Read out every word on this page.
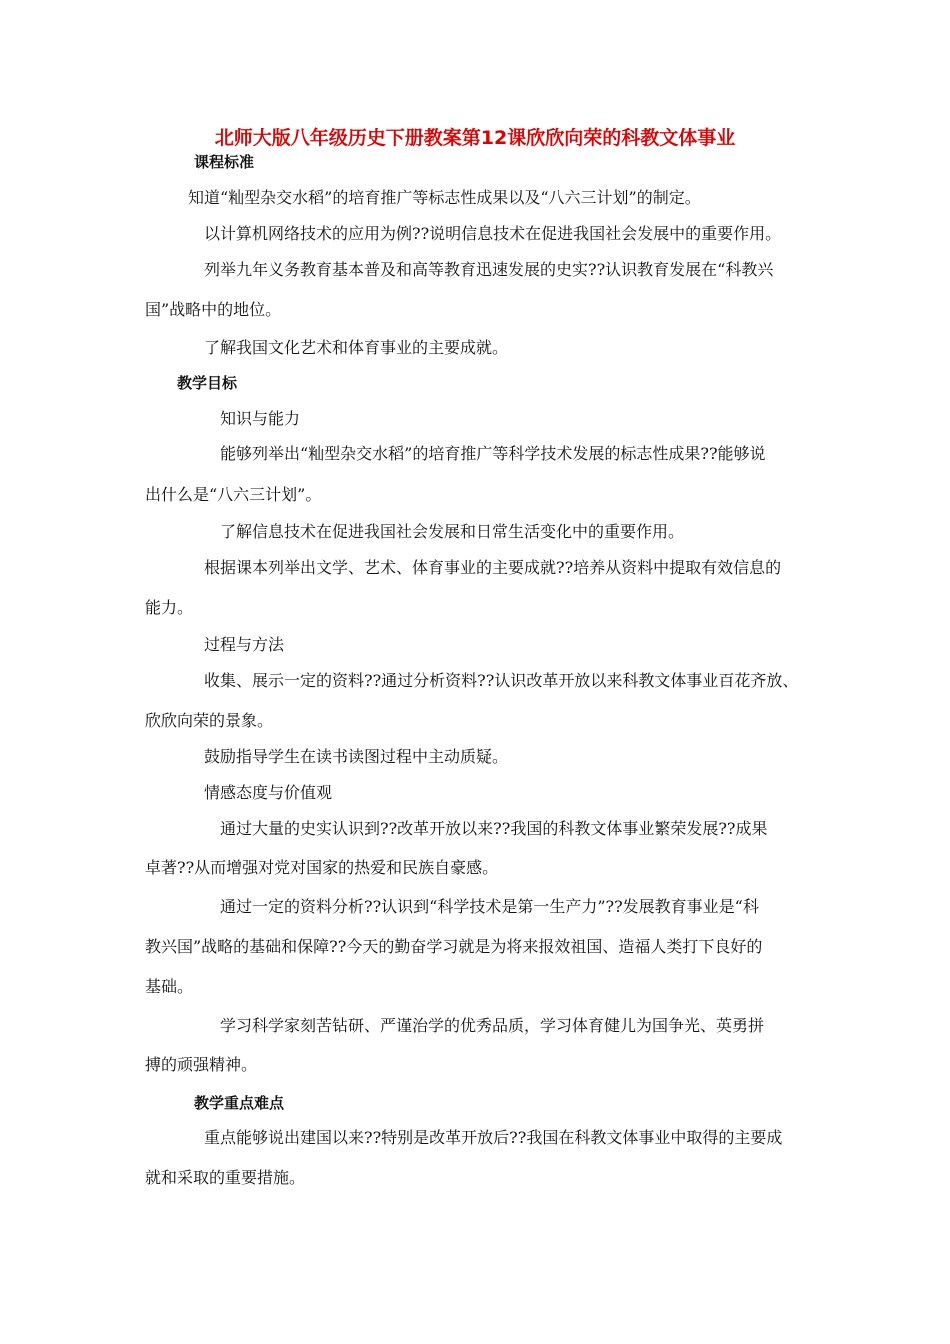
北师大版八年级历史下册教案第12课欣欣向荣的科教文体事业
课程标准
知道“籼型杂交水稻”的培育推广等标志性成果以及“八六三计划”的制定。
以计算机网络技术的应用为例??说明信息技术在促进我国社会发展中的重要作用。
列举九年义务教育基本普及和高等教育迅速发展的史实??认识教育发展在“科教兴
国”战略中的地位。
了解我国文化艺术和体育事业的主要成就。
教学目标
知识与能力
能够列举出“籼型杂交水稻”的培育推广等科学技术发展的标志性成果??能够说
出什么是“八六三计划”。
了解信息技术在促进我国社会发展和日常生活变化中的重要作用。
根据课本列举出文学、艺术、体育事业的主要成就??培养从资料中提取有效信息的
能力。
过程与方法
收集、展示一定的资料??通过分析资料??认识改革开放以来科教文体事业百花齐放、
欣欣向荣的景象。
鼓励指导学生在读书读图过程中主动质疑。
情感态度与价值观
通过大量的史实认识到??改革开放以来??我国的科教文体事业繁荣发展??成果
卓著??从而增强对党对国家的热爱和民族自豪感。
通过一定的资料分析??认识到“科学技术是第一生产力”??发展教育事业是“科
教兴国”战略的基础和保障??今天的勤奋学习就是为将来报效祖国、造福人类打下良好的
基础。
学习科学家刻苦钻研、严谨治学的优秀品质，学习体育健儿为国争光、英勇拼
搏的顽强精神。
教学重点难点
重点能够说出建国以来??特别是改革开放后??我国在科教文体事业中取得的主要成
就和采取的重要措施。
